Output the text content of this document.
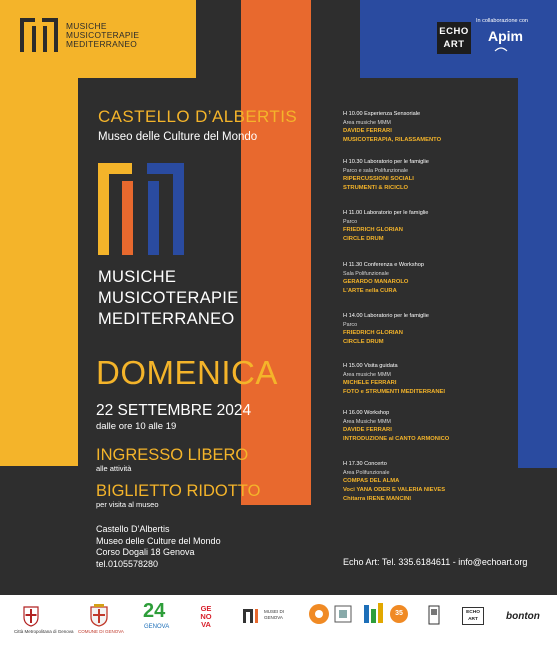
MUSICHE
MUSICOTERAPIE
MEDITERRANEO
ECHO
ART
In collaborazione con
Apim
CASTELLO D’ALBERTIS
Museo delle Culture del Mondo
MUSICHE
MUSICOTERAPIE
MEDITERRANEO
DOMENICA
22 SETTEMBRE 2024
dalle ore 10 alle 19
INGRESSO LIBERO
alle attività
BIGLIETTO RIDOTTO
per visita al museo
Castello D’Albertis
Museo delle Culture del Mondo
Corso Dogali 18 Genova
tel.0105578280
H 10.00 Esperienza Sensoriale
Area musiche MMM
DAVIDE FERRARI
MUSICOTERAPIA, RILASSAMENTO
H 10.30 Laboratorio per le famiglie
Parco e sala Polifunzionale
RIPERCUSSIONI SOCIALI
STRUMENTI & RICICLO
H 11.00 Laboratorio per le famiglie
Parco
FRIEDRICH GLORIAN
CIRCLE DRUM
H 11.30 Conferenza e Workshop
Sala Polifunzionale
GERARDO MANAROLO
L’ARTE nella CURA
H 14.00 Laboratorio per le famiglie
Parco
FRIEDRICH GLORIAN
CIRCLE DRUM
H 15.00 Visita guidata
Area musiche MMM
MICHELE FERRARI
FOTO e STRUMENTI MEDITERRANEI
H 16.00 Workshop
Area Musiche MMM
DAVIDE FERRARI
INTRODUZIONE al CANTO ARMONICO
H 17.30 Concerto
Area Polifunzionale
COMPAS DEL ALMA
Voci YANA ODER E VALERIA NIEVES
Chitarra IRENE MANCINI
Echo Art: Tel. 335.6184611 - info@echoart.org
Città Metropolitana di Genova COMUNE DI GENOVA
24
GENOVA
GE NO VA
MUSEI DI GENOVA
35	ECHO ART	bonton
